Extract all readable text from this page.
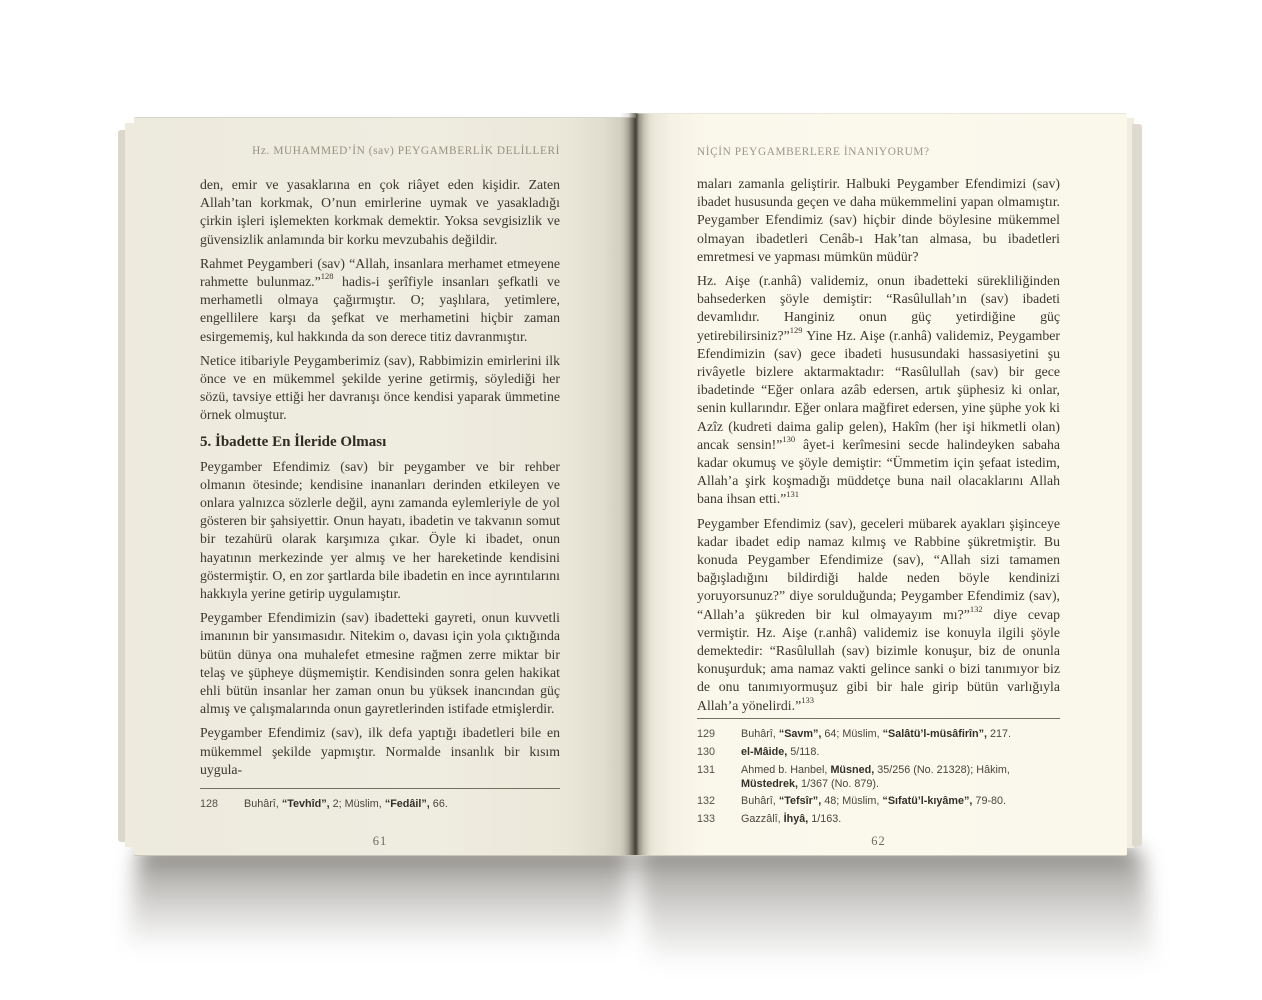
Hz. MUHAMMED’İN (sav) PEYGAMBERLİK DELİLLERİ

den, emir ve yasaklarına en çok riâyet eden kişidir. Zaten Allah’tan korkmak, O’nun emirlerine uymak ve yasakladığı çirkin işleri işlemekten korkmak demektir. Yoksa sevgisizlik ve güvensizlik anlamında bir korku mevzubahis değildir.

Rahmet Peygamberi (sav) “Allah, insanlara merhamet etmeyene rahmette bulunmaz.”$^{128}$ hadis-i şerîfiyle insanları şefkatli ve merhametli olmaya çağırmıştır. O; yaşlılara, yetimlere, engellilere karşı da şefkat ve merhametini hiçbir zaman esirgememiş, kul hakkında da son derece titiz davranmıştır.

Netice itibariyle Peygamberimiz (sav), Rabbimizin emirlerini ilk önce ve en mükemmel şekilde yerine getirmiş, söylediği her sözü, tavsiye ettiği her davranışı önce kendisi yaparak ümmetine örnek olmuştur.

5. İbadette En İleride Olması

Peygamber Efendimiz (sav) bir peygamber ve bir rehber olmanın ötesinde; kendisine inananları derinden etkileyen ve onlara yalnızca sözlerle değil, aynı zamanda eylemleriyle de yol gösteren bir şahsiyettir. Onun hayatı, ibadetin ve takvanın somut bir tezahürü olarak karşımıza çıkar. Öyle ki ibadet, onun hayatının merkezinde yer almış ve her hareketinde kendisini göstermiştir. O, en zor şartlarda bile ibadetin en ince ayrıntılarını hakkıyla yerine getirip uygulamıştır.

Peygamber Efendimizin (sav) ibadetteki gayreti, onun kuvvetli imanının bir yansımasıdır. Nitekim o, davası için yola çıktığında bütün dünya ona muhalefet etmesine rağmen zerre miktar bir telaş ve şüpheye düşmemiştir. Kendisinden sonra gelen hakikat ehli bütün insanlar her zaman onun bu yüksek inancından güç almış ve çalışmalarında onun gayretlerinden istifade etmişlerdir.

Peygamber Efendimiz (sav), ilk defa yaptığı ibadetleri bile en mükemmel şekilde yapmıştır. Normalde insanlık bir kısım uygula-

128	Buhârî, “Tevhîd”, 2; Müslim, “Fedâil”, 66.
61
NİÇİN PEYGAMBERLERE İNANIYORUM?

maları zamanla geliştirir. Halbuki Peygamber Efendimizi (sav) ibadet hususunda geçen ve daha mükemmelini yapan olmamıştır. Peygamber Efendimiz (sav) hiçbir dinde böylesine mükemmel olmayan ibadetleri Cenâb-ı Hak’tan almasa, bu ibadetleri emretmesi ve yapması mümkün müdür?

Hz. Aişe (r.anhâ) validemiz, onun ibadetteki sürekliliğinden bahsederken şöyle demiştir: “Rasûlullah’ın (sav) ibadeti devamlıdır. Hanginiz onun güç yetirdiğine güç yetirebilirsiniz?”$^{129}$ Yine Hz. Aişe (r.anhâ) validemiz, Peygamber Efendimizin (sav) gece ibadeti hususundaki hassasiyetini şu rivâyetle bizlere aktarmaktadır: “Rasûlullah (sav) bir gece ibadetinde “Eğer onlara azâb edersen, artık şüphesiz ki onlar, senin kullarındır. Eğer onlara mağfiret edersen, yine şüphe yok ki Azîz (kudreti daima galip gelen), Hakîm (her işi hikmetli olan) ancak sensin!”$^{130}$ âyet-i kerîmesini secde halindeyken sabaha kadar okumuş ve şöyle demiştir: “Ümmetim için şefaat istedim, Allah’a şirk koşmadığı müddetçe buna nail olacaklarını Allah bana ihsan etti.”$^{131}$

Peygamber Efendimiz (sav), geceleri mübarek ayakları şişinceye kadar ibadet edip namaz kılmış ve Rabbine şükretmiştir. Bu konuda Peygamber Efendimize (sav), “Allah sizi tamamen bağışladığını bildirdiği halde neden böyle kendinizi yoruyorsunuz?” diye sorulduğunda; Peygamber Efendimiz (sav), “Allah’a şükreden bir kul olmayayım mı?”$^{132}$ diye cevap vermiştir. Hz. Aişe (r.anhâ) validemiz ise konuyla ilgili şöyle demektedir: “Rasûlullah (sav) bizimle konuşur, biz de onunla konuşurduk; ama namaz vakti gelince sanki o bizi tanımıyor biz de onu tanımıyormuşuz gibi bir hale girip bütün varlığıyla Allah’a yönelirdi.”$^{133}$

129	Buhârî, “Savm”, 64; Müslim, “Salâtü’l-müsâfirîn”, 217.
130	el-Mâide, 5/118.
131	Ahmed b. Hanbel, Müsned, 35/256 (No. 21328); Hâkim, Müstedrek, 1/367 (No. 879).
132	Buhârî, “Tefsîr”, 48; Müslim, “Sıfatü’l-kıyâme”, 79-80.
133	Gazzâlî, İhyâ, 1/163.
62
